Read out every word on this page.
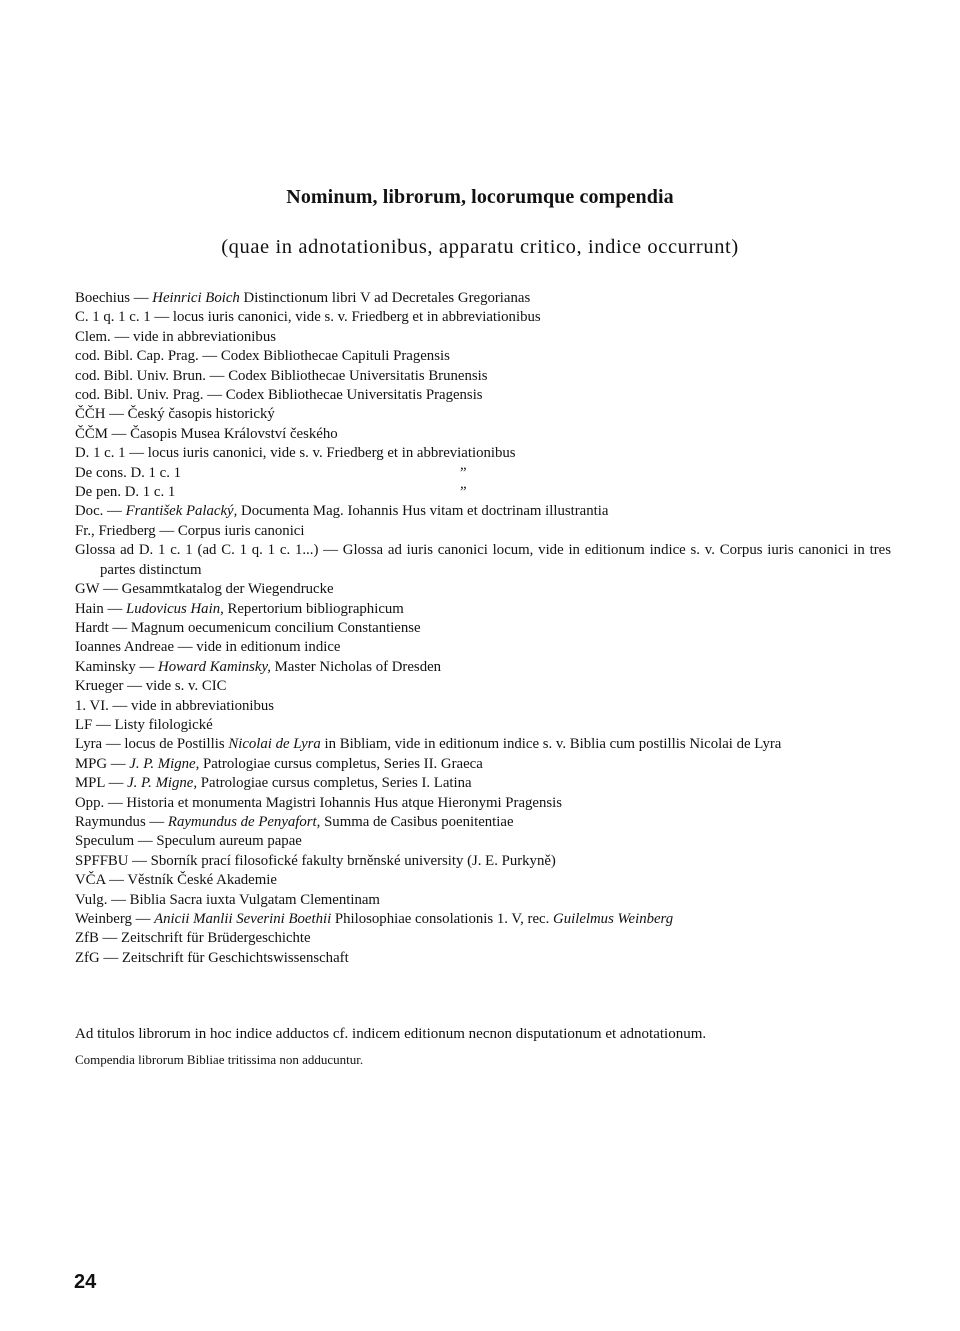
Nominum, librorum, locorumque compendia
(quae in adnotationibus, apparatu critico, indice occurrunt)
Boechius — Heinrici Boich Distinctionum libri V ad Decretales Gregorianas
C. 1 q. 1 c. 1 — locus iuris canonici, vide s. v. Friedberg et in abbreviationibus
Clem. — vide in abbreviationibus
cod. Bibl. Cap. Prag. — Codex Bibliothecae Capituli Pragensis
cod. Bibl. Univ. Brun. — Codex Bibliothecae Universitatis Brunensis
cod. Bibl. Univ. Prag. — Codex Bibliothecae Universitatis Pragensis
ČČH — Český časopis historický
ČČM — Časopis Musea Království českého
D. 1 c. 1 — locus iuris canonici, vide s. v. Friedberg et in abbreviationibus
De cons. D. 1 c. 1	”
De pen. D. 1 c. 1	”
Doc. — František Palacký, Documenta Mag. Iohannis Hus vitam et doctrinam illustrantia
Fr., Friedberg — Corpus iuris canonici
Glossa ad D. 1 c. 1 (ad C. 1 q. 1 c. 1...) — Glossa ad iuris canonici locum, vide in editionum indice s. v. Corpus iuris canonici in tres partes distinctum
GW — Gesammtkatalog der Wiegendrucke
Hain — Ludovicus Hain, Repertorium bibliographicum
Hardt — Magnum oecumenicum concilium Constantiense
Ioannes Andreae — vide in editionum indice
Kaminsky — Howard Kaminsky, Master Nicholas of Dresden
Krueger — vide s. v. CIC
1. VI. — vide in abbreviationibus
LF — Listy filologické
Lyra — locus de Postillis Nicolai de Lyra in Bibliam, vide in editionum indice s. v. Biblia cum postillis Nicolai de Lyra
MPG — J. P. Migne, Patrologiae cursus completus, Series II. Graeca
MPL — J. P. Migne, Patrologiae cursus completus, Series I. Latina
Opp. — Historia et monumenta Magistri Iohannis Hus atque Hieronymi Pragensis
Raymundus — Raymundus de Penyafort, Summa de Casibus poenitentiae
Speculum — Speculum aureum papae
SPFFBU — Sborník prací filosofické fakulty brněnské university (J. E. Purkyně)
VČA — Věstník České Akademie
Vulg. — Biblia Sacra iuxta Vulgatam Clementinam
Weinberg — Anicii Manlii Severini Boethii Philosophiae consolationis 1. V, rec. Guilelmus Weinberg
ZfB — Zeitschrift für Brüdergeschichte
ZfG — Zeitschrift für Geschichtswissenschaft

Ad titulos librorum in hoc indice adductos cf. indicem editionum necnon disputationum et adnotationum.

Compendia librorum Bibliae tritissima non adducuntur.

24
